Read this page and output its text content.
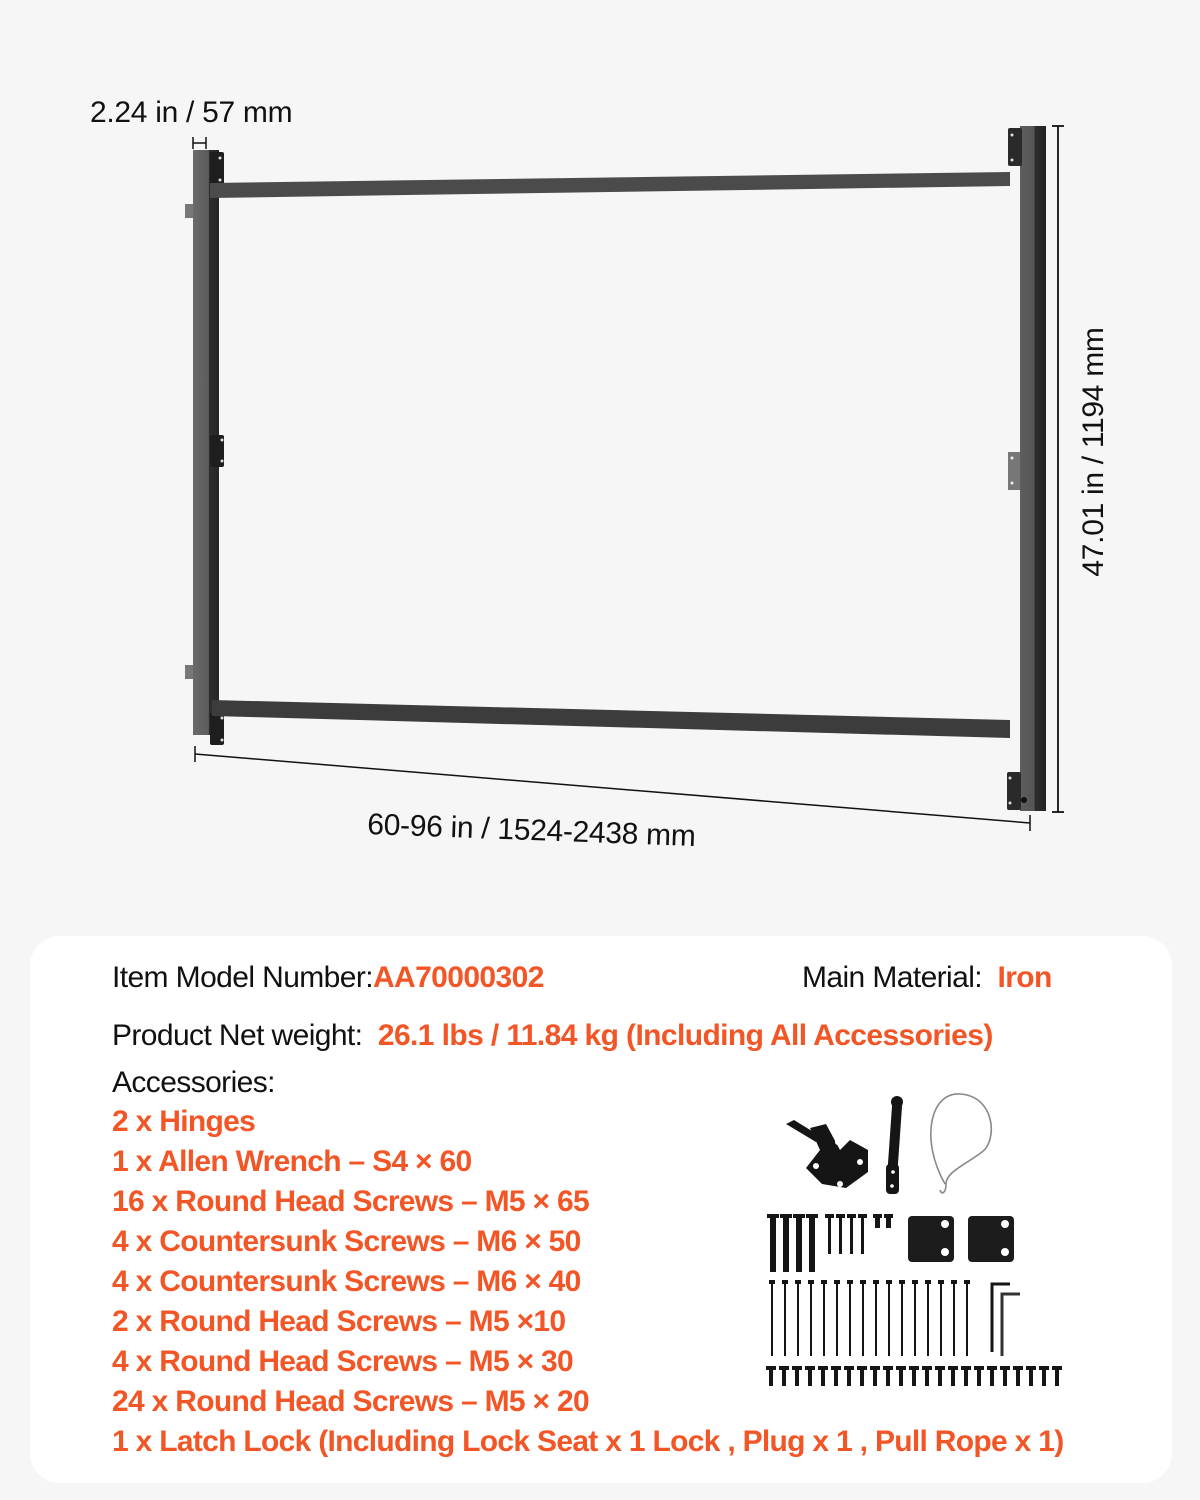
2.24 in / 57 mm
60-96 in / 1524-2438 mm
47.01 in / 1194 mm
Item Model Number:AA70000302	Main Material: Iron
Product Net weight: 26.1 lbs / 11.84 kg (Including All Accessories)
Accessories:
2 x Hinges
1 x Allen Wrench – S4 × 60
16 x Round Head Screws – M5 × 65
4 x Countersunk Screws – M6 × 50
4 x Countersunk Screws – M6 × 40
2 x Round Head Screws – M5 ×10
4 x Round Head Screws – M5 × 30
24 x Round Head Screws – M5 × 20
1 x Latch Lock (Including Lock Seat x 1 Lock , Plug x 1 , Pull Rope x 1)
